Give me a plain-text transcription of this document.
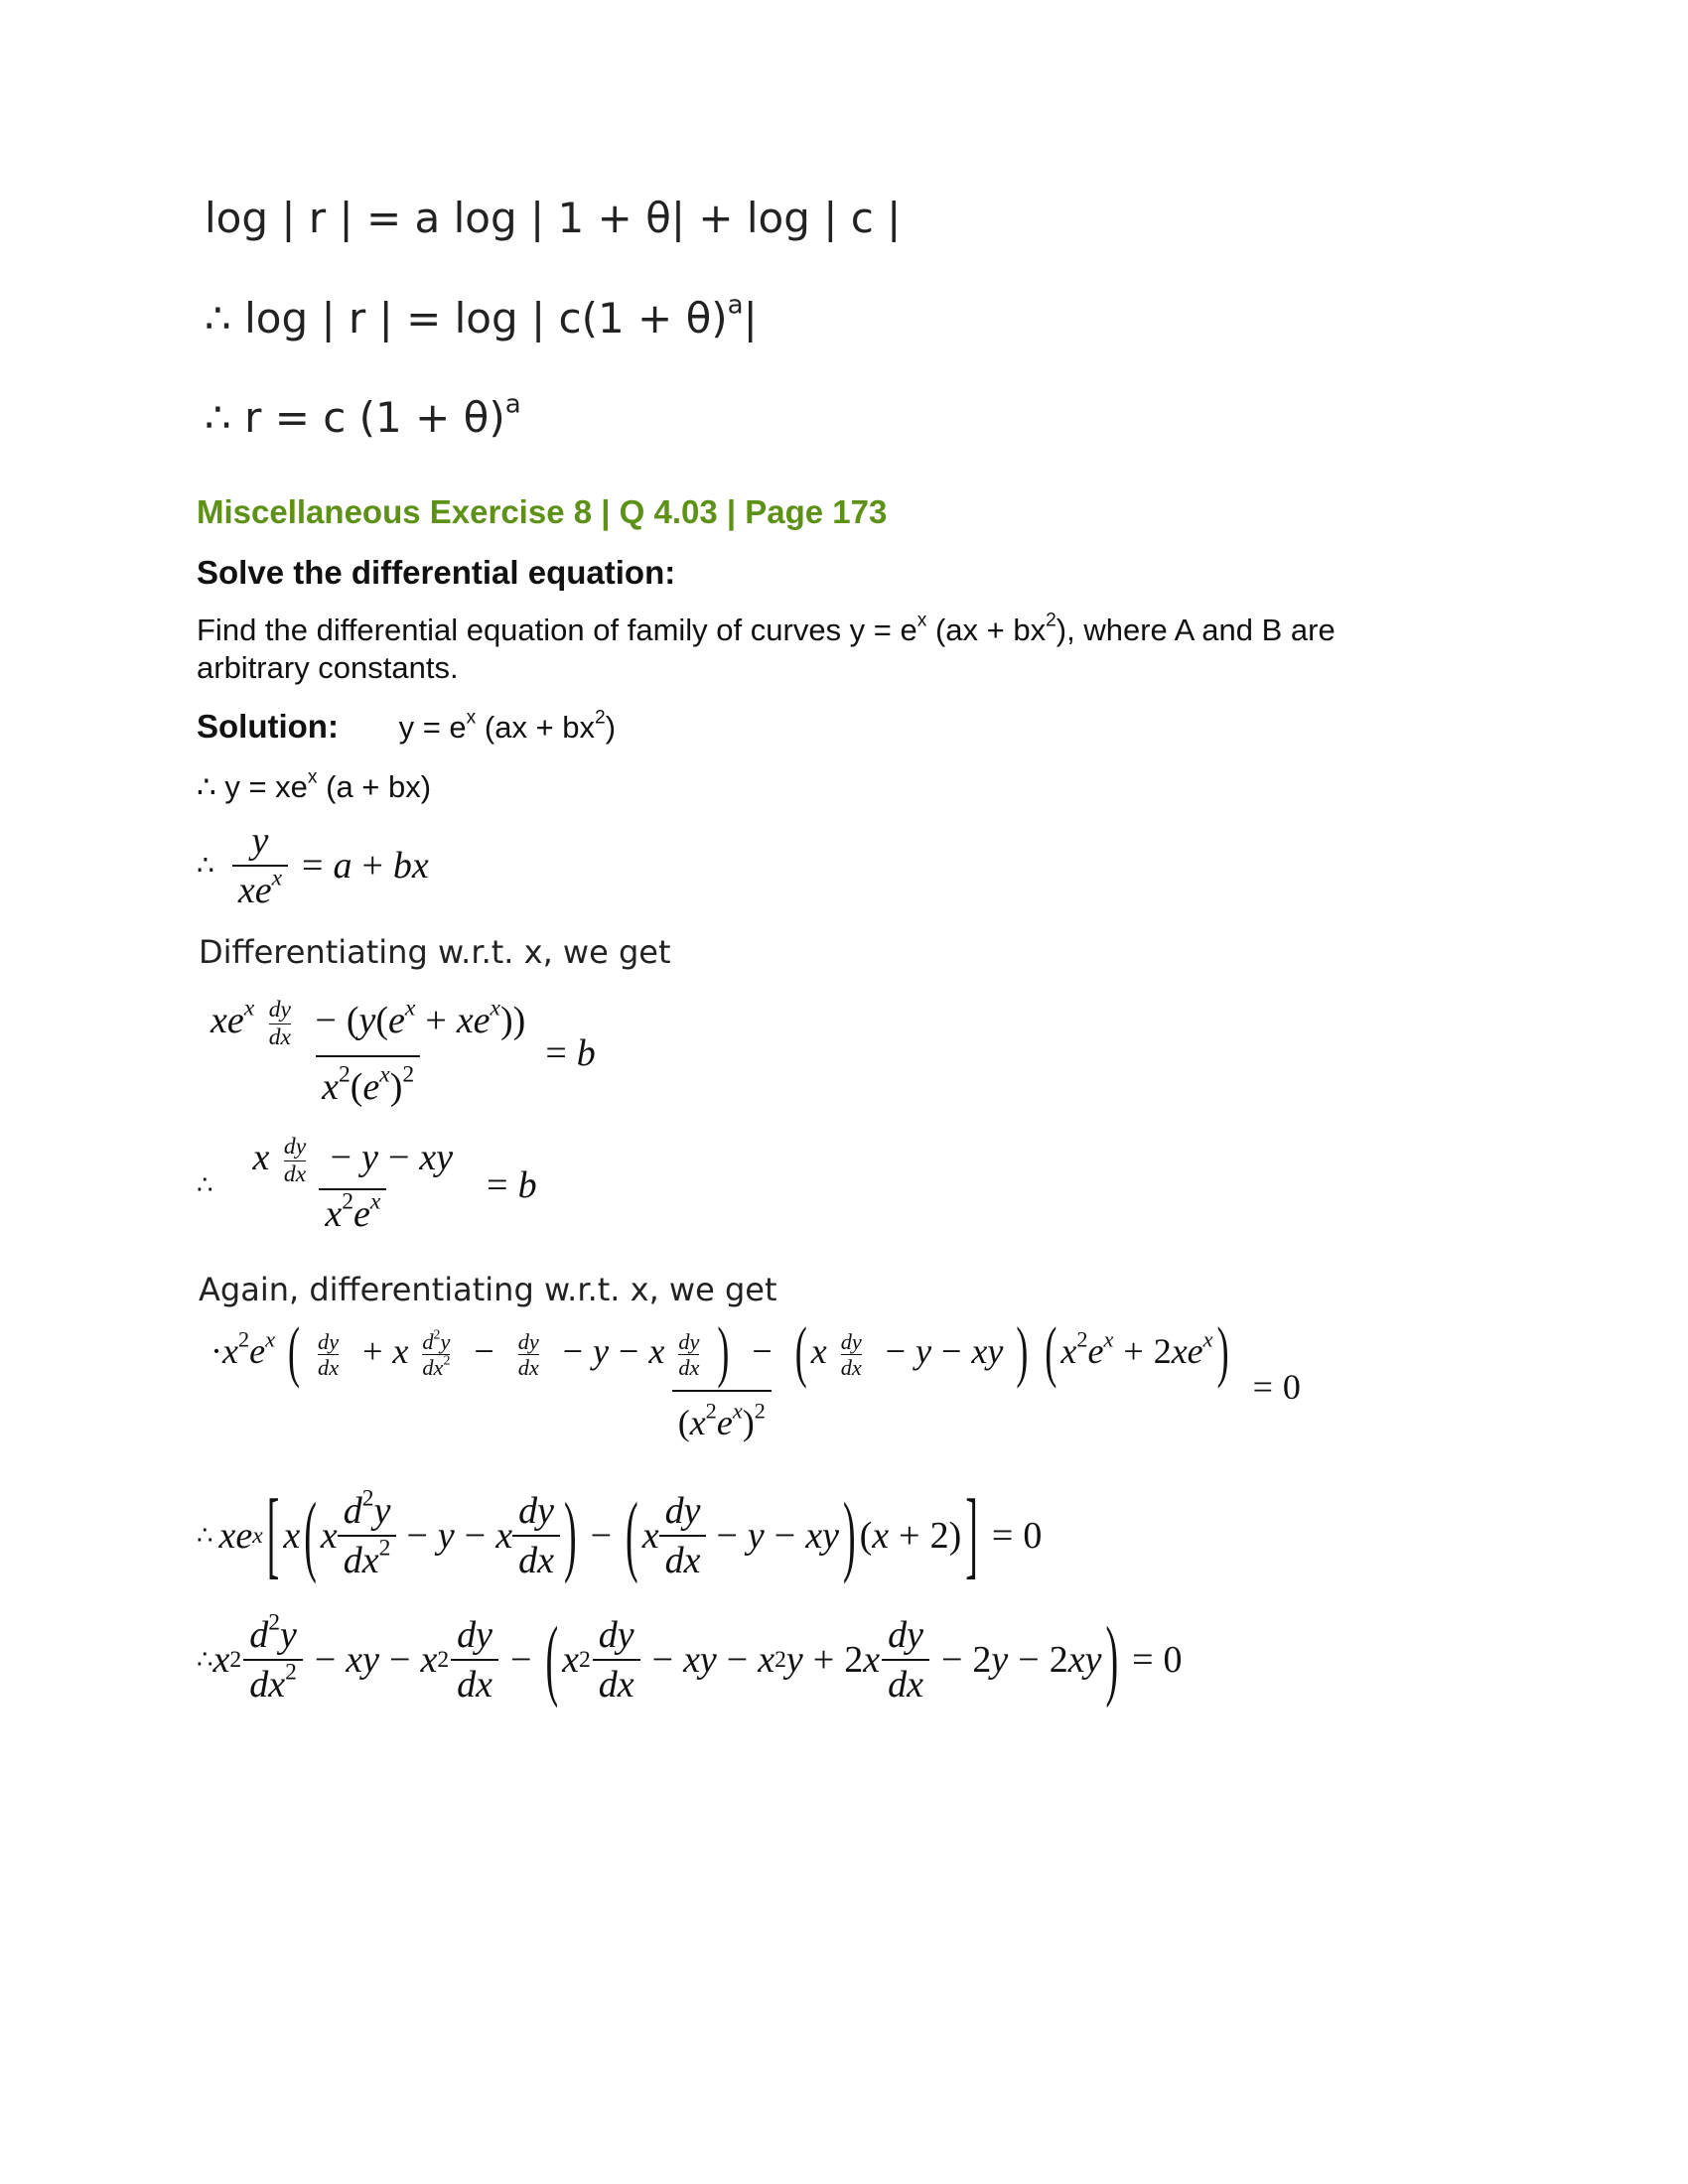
log | r | = a log | 1 + θ| + log | c |
∴ log | r | = log | $c(1 + \theta)^a|$
∴ r = c $(1 + \theta)^a$
Miscellaneous Exercise 8 | Q 4.03 | Page 173
Solve the differential equation:
Find the differential equation of family of curves $y = e^x$ $(ax + bx^2)$, where A and B are
arbitrary constants.
Solution: $y = e^x$ $(ax + bx^2)$
∴ $y = xe^x$ (a + bx)
∴ $\frac{y}{xe^x} = a$ + bx
Differentiating w.r.t. x, we get
$\frac{xe^x \frac{dy}{dx} - (y(e^x + xe^x))}{x^2(e^x)^2} = b$
∴ $\frac{x \frac{dy}{dx} - y - xy}{x^2e^x} = b$
Again, differentiating w.r.t. x, we get
$\cdot x^2e^x$ ( $\frac{dy}{dx} + x \frac{d^2y}{dx^2} - \frac{dy}{dx} - y - x \frac{dy}{dx}$ ) − ( x $\frac{dy}{dx} - y$ − xy ) ( $x^2e^x + 2xe^x$ )
$(x^2e^x)^2$
= 0
∴ xe x [ x ( x $\frac{d^2y}{dx^2} - y - x \frac{dy}{dx}$ ) − ( x $\frac{dy}{dx} - y$ − xy ) ( x + 2) ] = 0
∴ x $2 \frac{d^2y}{dx^2}$ − xy − x $2 \frac{dy}{dx}$ − ( x $2 \frac{dy}{dx}$ − xy − x 2 y + 2 x $\frac{dy}{dx} - 2$ y − 2 xy ) = 0
